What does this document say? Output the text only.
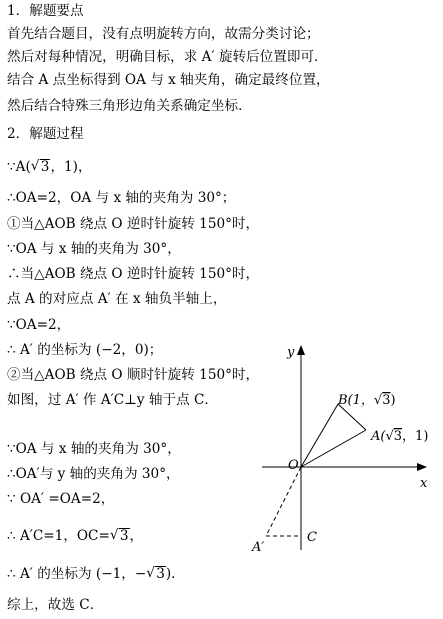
1．解题要点
首先结合题目，没有点明旋转方向，故需分类讨论；
然后对每种情况，明确目标，求 A′ 旋转后位置即可．
结合 A 点坐标得到 OA 与 x 轴夹角，确定最终位置，
然后结合特殊三角形边角关系确定坐标．
2．解题过程
∵A( √ 3，1)，
∴OA=2，OA 与 x 轴的夹角为 30°；
①当△AOB 绕点 O 逆时针旋转 150°时，
∵OA 与 x 轴的夹角为 30°，
∴当△AOB 绕点 O 逆时针旋转 150°时，
点 A 的对应点 A′ 在 x 轴负半轴上，
∵OA=2，
∴ A′ 的坐标为 (−2，0)；
②当△AOB 绕点 O 顺时针旋转 150°时，
如图，过 A′ 作 A′C⊥y 轴于点 C．
∵OA 与 x 轴的夹角为 30°，
∴OA′与 y 轴的夹角为 30°，
∵ OA′ =OA=2，
∴ A′C=1，OC= √ 3，
∴ A′ 的坐标为 (−1，− √ 3)．
综上，故选 C．
y
x
O
B(1，√3)
A(√3，1)
C
A′
